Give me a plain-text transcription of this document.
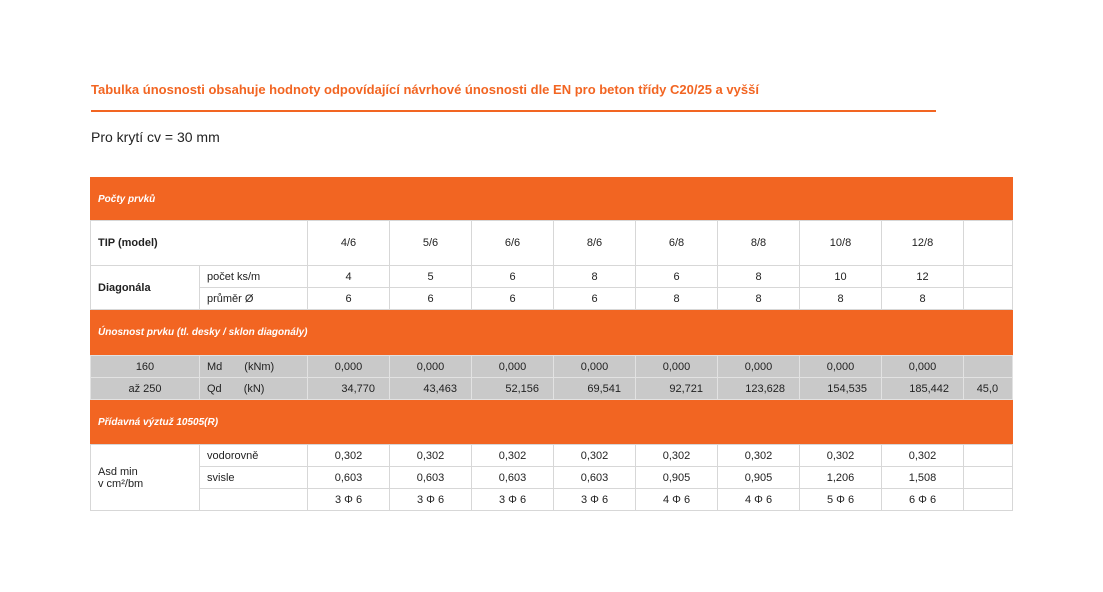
Tabulka únosnosti obsahuje hodnoty odpovídající návrhové únosnosti dle EN pro beton třídy C20/25 a vyšší
Pro krytí cv = 30 mm
Počty prvků										
TIP (model)		4/6	5/6	6/6	8/6	6/8	8/8	10/8	12/8	
Diagonála	počet ks/m	4	5	6	8	6	8	10	12	
	průměr Ø	6	6	6	6	8	8	8	8	
Únosnost prvku (tl. desky / sklon diagonály)										
160	Md (kNm)	0,000	0,000	0,000	0,000	0,000	0,000	0,000	0,000	
až 250	Qd (kN)	34,770	43,463	52,156	69,541	92,721	123,628	154,535	185,442	45,0
Přídavná výztuž 10505(R)										
Asd min
v cm²/bm	vodorovně	0,302	0,302	0,302	0,302	0,302	0,302	0,302	0,302	
	svisle	0,603	0,603	0,603	0,603	0,905	0,905	1,206	1,508	
		3 Φ 6	3 Φ 6	3 Φ 6	3 Φ 6	4 Φ 6	4 Φ 6	5 Φ 6	6 Φ 6	
